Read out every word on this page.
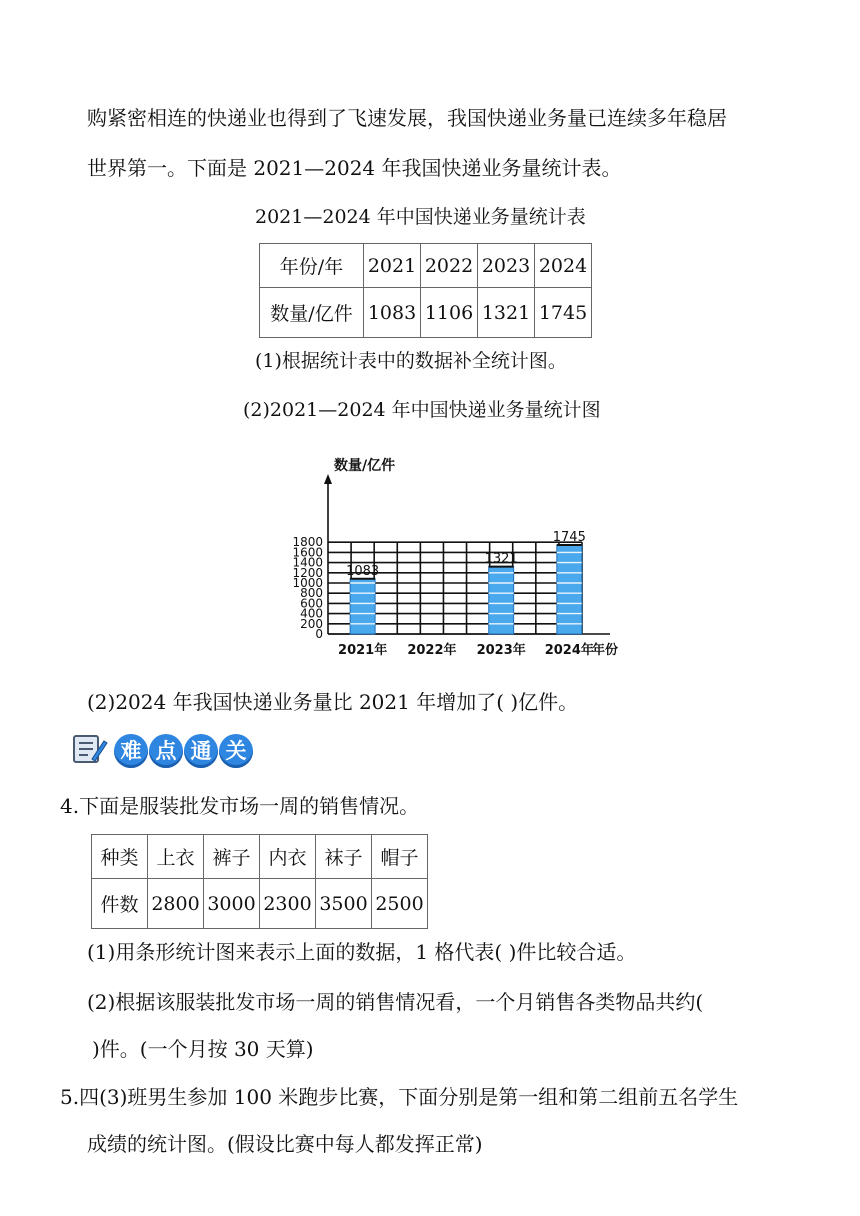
购紧密相连的快递业也得到了飞速发展，我国快递业务量已连续多年稳居
世界第一。下面是 2021—2024 年我国快递业务量统计表。
2021—2024 年中国快递业务量统计表
年份/年	2021	2022	2023	2024
数量/亿件	1083	1106	1321	1745
(1)根据统计表中的数据补全统计图。
(2)2021—2024 年中国快递业务量统计图
0
200
400
600
800
1000
1200
1400
1600
1800
数量/亿件
1083
2021年 2022年
1321
2023年
1745
2024年
年份
(2)2024 年我国快递业务量比 2021 年增加了( )亿件。
难 点 通 关
4.下面是服装批发市场一周的销售情况。
种类	上衣	裤子	内衣	袜子	帽子
件数	2800	3000	2300	3500	2500
(1)用条形统计图来表示上面的数据，1 格代表( )件比较合适。
(2)根据该服装批发市场一周的销售情况看，一个月销售各类物品共约(
)件。(一个月按 30 天算)
5.四(3)班男生参加 100 米跑步比赛，下面分别是第一组和第二组前五名学生
成绩的统计图。(假设比赛中每人都发挥正常)
